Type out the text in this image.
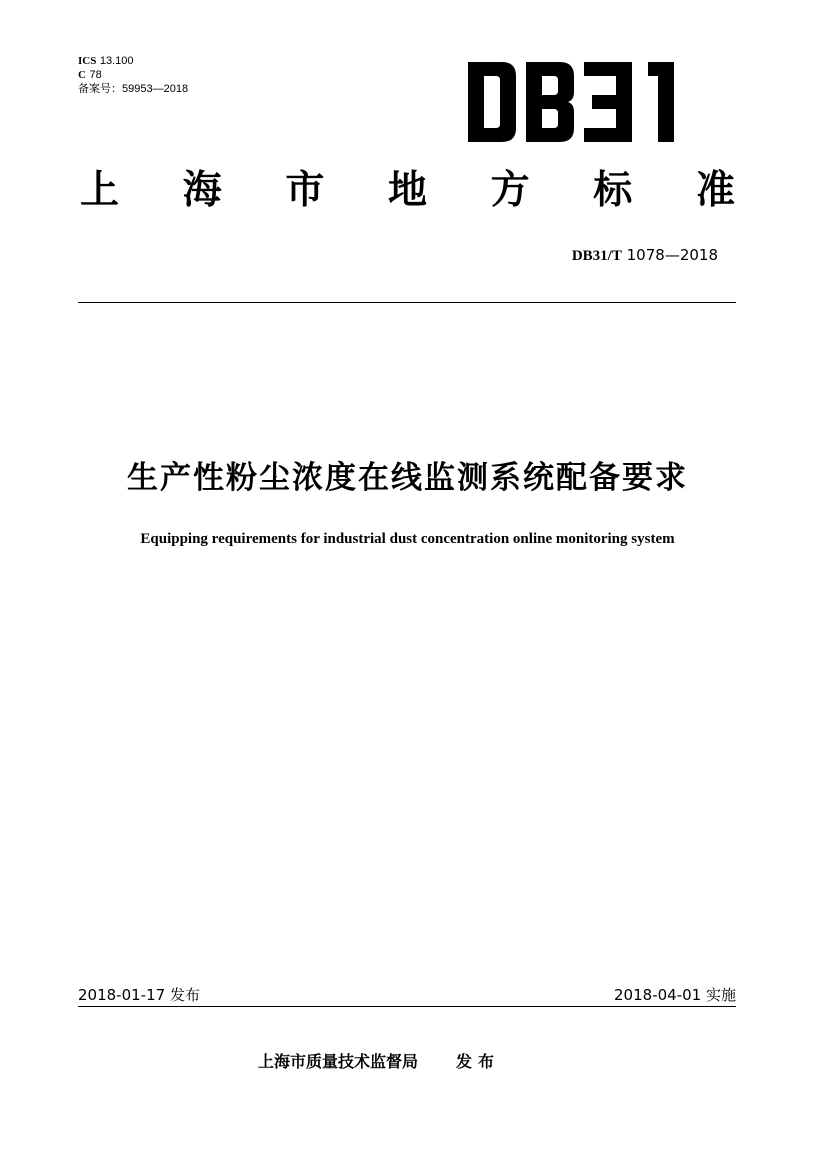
ICS 13.100
C 78
备案号：59953—2018
上 海 市 地 方 标 准
DB31/T 1078—2018
生产性粉尘浓度在线监测系统配备要求
Equipping requirements for industrial dust concentration online monitoring system
2018-01-17 发布	2018-04-01 实施
上海市质量技术监督局 发布
